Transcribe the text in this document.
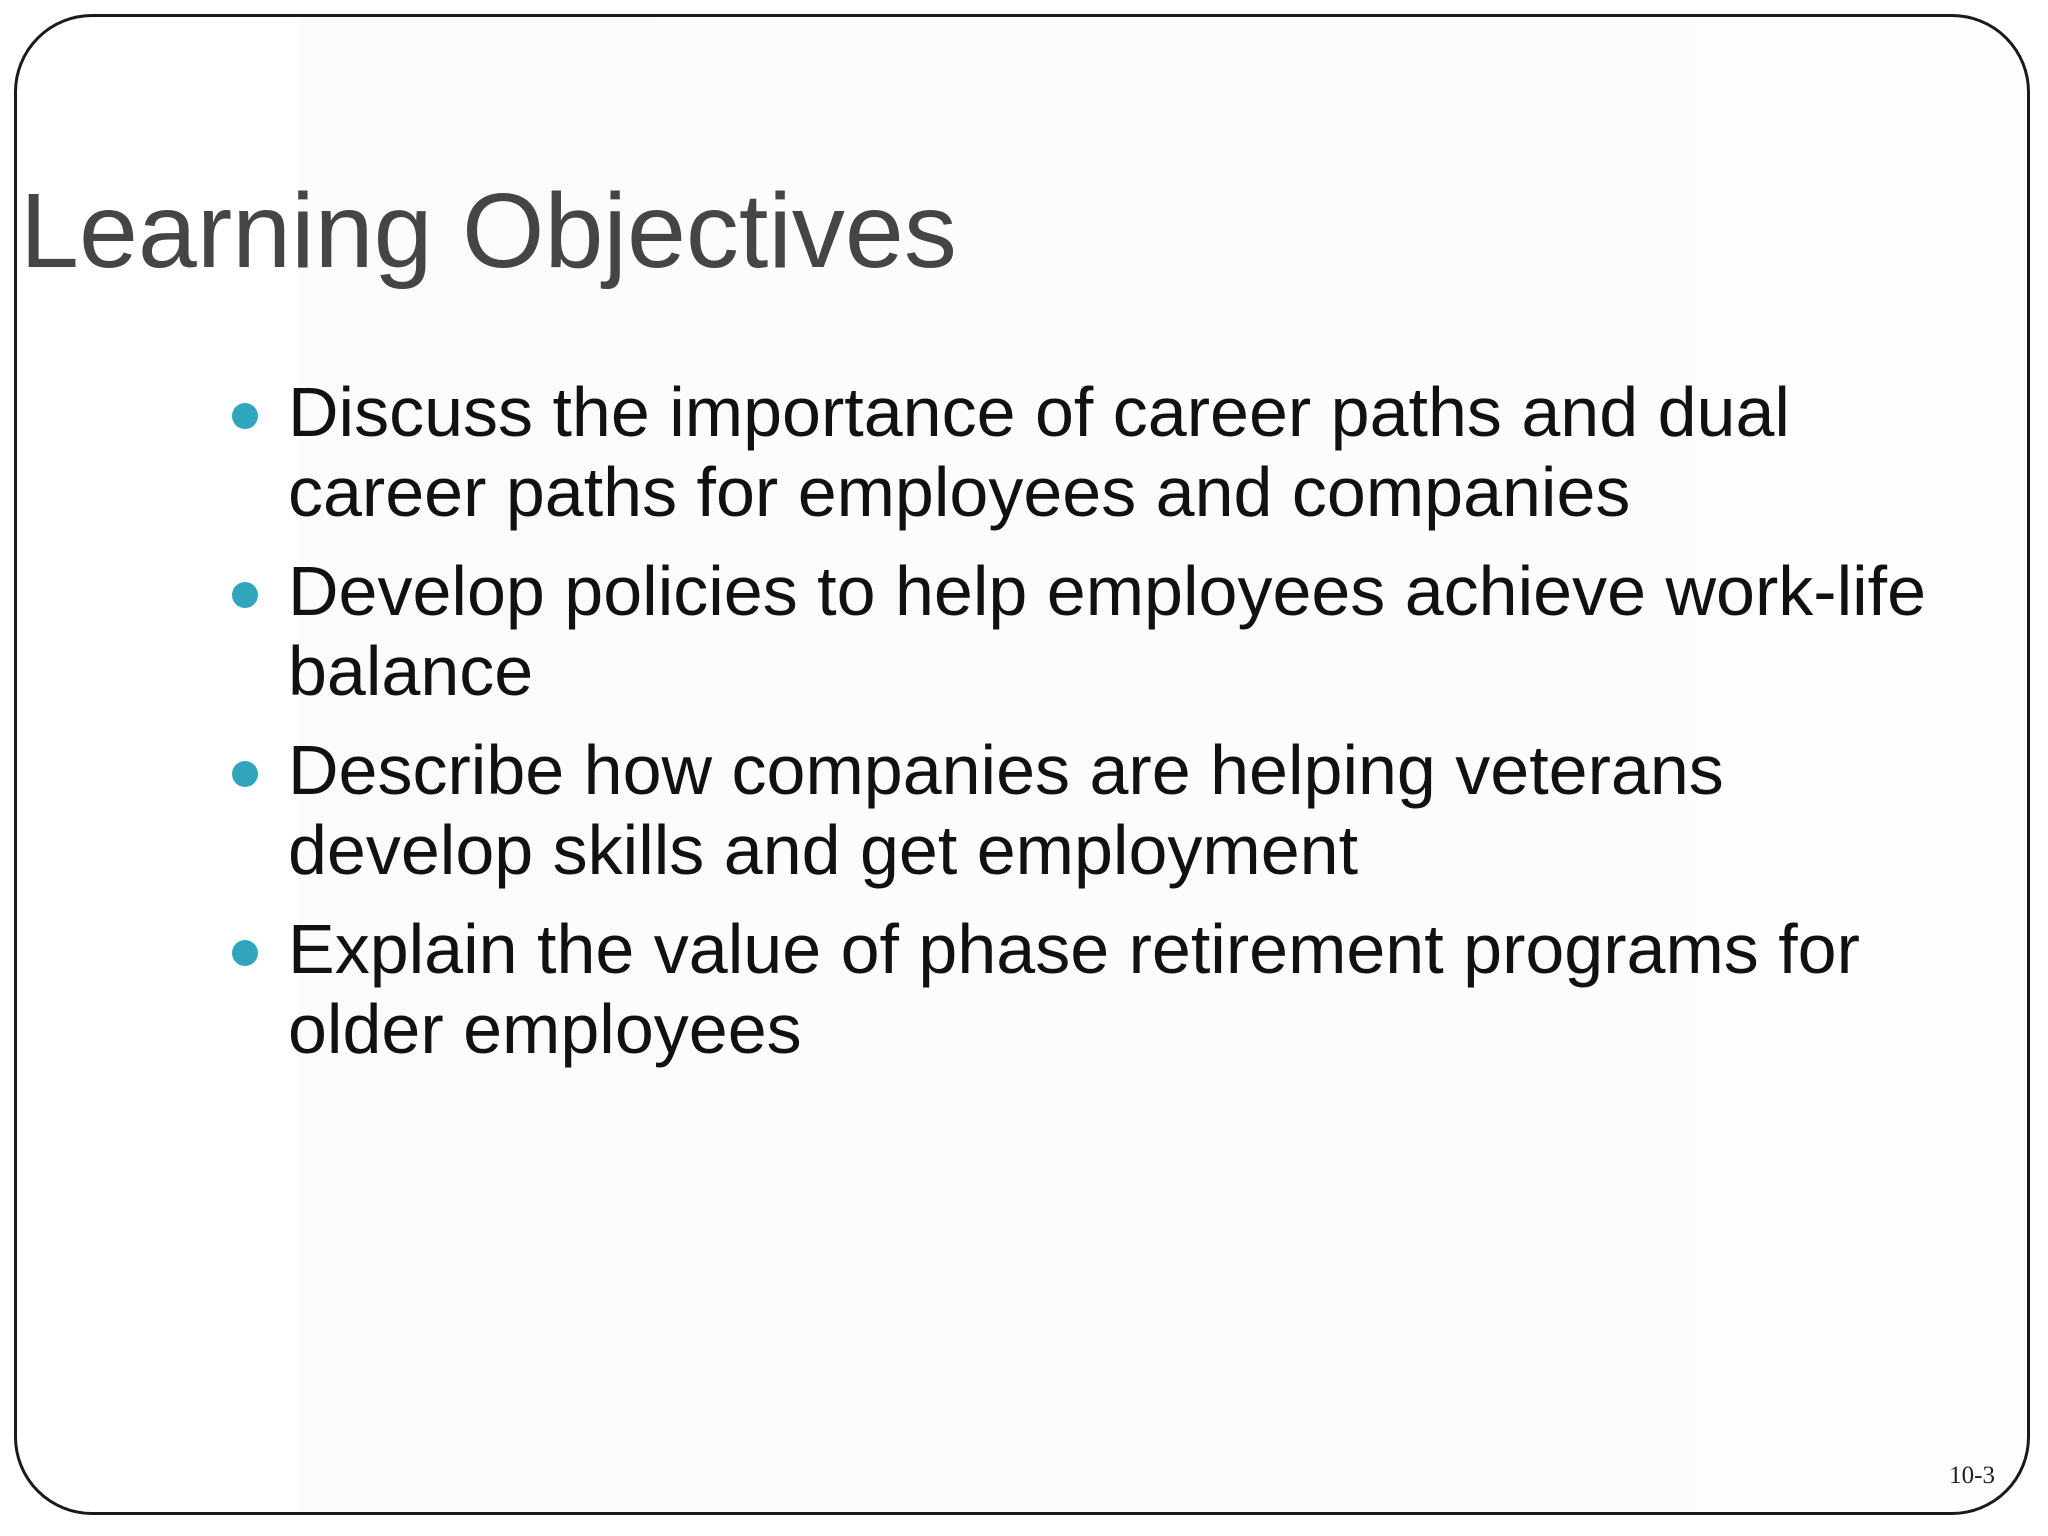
Learning Objectives
Discuss the importance of career paths and dual
career paths for employees and companies
Develop policies to help employees achieve work-life
balance
Describe how companies are helping veterans
develop skills and get employment
Explain the value of phase retirement programs for
older employees
10-3
